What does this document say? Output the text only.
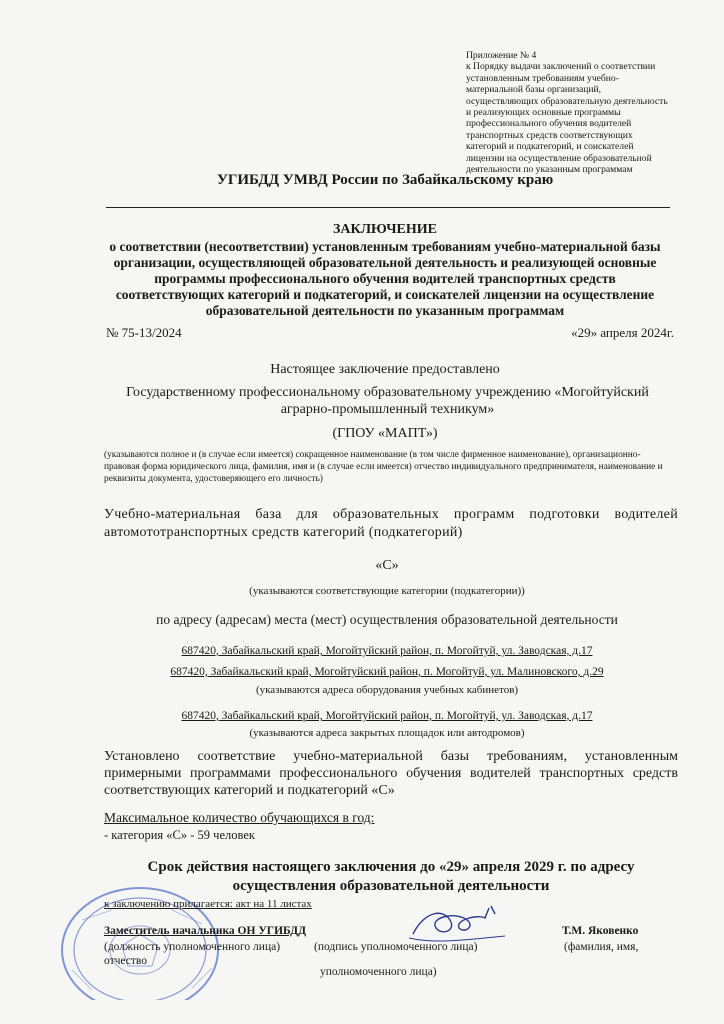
Приложение № 4
к Порядку выдачи заключений о соответствии
установленным требованиям учебно-
материальной базы организаций,
осуществляющих образовательную деятельность
и реализующих основные программы
профессионального обучения водителей
транспортных средств соответствующих
категорий и подкатегорий, и соискателей
лицензии на осуществление образовательной
деятельности по указанным программам
УГИБДД УМВД России по Забайкальскому краю
ЗАКЛЮЧЕНИЕ
о соответствии (несоответствии) установленным требованиям учебно-материальной базы организации, осуществляющей образовательной деятельность и реализующей основные программы профессионального обучения водителей транспортных средств соответствующих категорий и подкатегорий, и соискателей лицензии на осуществление образовательной деятельности по указанным программам
№ 75-13/2024	«29» апреля 2024г.
Настоящее заключение предоставлено
Государственному профессиональному образовательному учреждению «Могойтуйский аграрно-промышленный техникум»
(ГПОУ «МАПТ»)
(указываются полное и (в случае если имеется) сокращенное наименование (в том числе фирменное наименование), организационно-правовая форма юридического лица, фамилия, имя и (в случае если имеется) отчество индивидуального предпринимателя, наименование и реквизиты документа, удостоверяющего его личность)
Учебно-материальная база для образовательных программ подготовки водителей автомототранспортных средств категорий (подкатегорий)
«С»
(указываются соответствующие категории (подкатегории))
по адресу (адресам) места (мест) осуществления образовательной деятельности
687420, Забайкальский край, Могойтуйский район, п. Могойтуй, ул. Заводская, д.17
687420, Забайкальский край, Могойтуйский район, п. Могойтуй, ул. Малиновского, д.29
(указываются адреса оборудования учебных кабинетов)
687420, Забайкальский край, Могойтуйский район, п. Могойтуй, ул. Заводская, д.17
(указываются адреса закрытых площадок или автодромов)
Установлено соответствие учебно-материальной базы требованиям, установленным примерными программами профессионального обучения водителей транспортных средств соответствующих категорий и подкатегорий «С»
Максимальное количество обучающихся в год:
- категория «С» - 59 человек
Срок действия настоящего заключения до «29» апреля 2029 г. по адресу осуществления образовательной деятельности
к заключению прилагается: акт на 11 листах
Заместитель начальника ОН УГИБДД	Т.М. Яковенко
(должность уполномоченного лица)	(подпись уполномоченного лица)	(фамилия, имя,
отчество
уполномоченного лица)
